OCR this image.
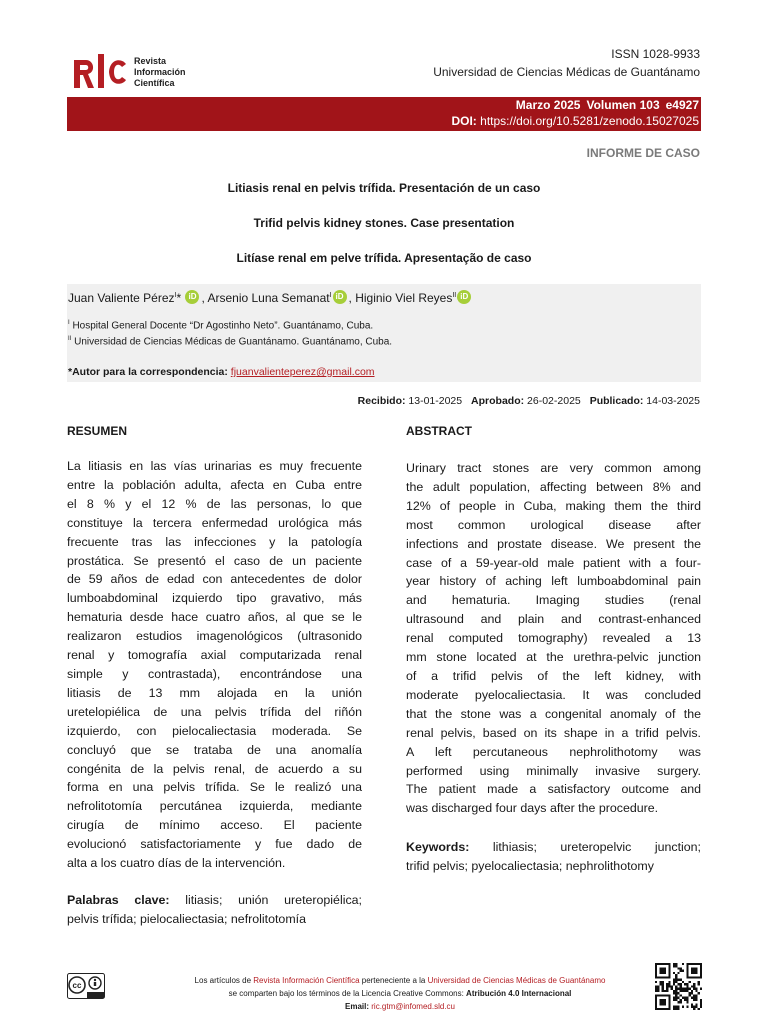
Revista
Información
Científica
ISSN 1028-9933
Universidad de Ciencias Médicas de Guantánamo
Marzo 2025 Volumen 103 e4927
DOI: https://doi.org/10.5281/zenodo.15027025
INFORME DE CASO
Litiasis renal en pelvis trífida. Presentación de un caso
Trifid pelvis kidney stones. Case presentation
Litíase renal em pelve trífida. Apresentação de caso
Juan Valiente Pérez$^I$* iD , Arsenio Luna Semanat$^I$ iD , Higinio Viel Reyes$^{II}$ iD
$^I$ Hospital General Docente “Dr Agostinho Neto”. Guantánamo, Cuba.
$^{II}$ Universidad de Ciencias Médicas de Guantánamo. Guantánamo, Cuba.
*Autor para la correspondencia: fjuanvalienteperez@gmail.com
Recibido: 13-01-2025 Aprobado: 26-02-2025 Publicado: 14-03-2025
RESUMEN
La litiasis en las vías urinarias es muy frecuente
entre la población adulta, afecta en Cuba entre
el 8 % y el 12 % de las personas, lo que
constituye la tercera enfermedad urológica más
frecuente tras las infecciones y la patología
prostática. Se presentó el caso de un paciente
de 59 años de edad con antecedentes de dolor
lumboabdominal izquierdo tipo gravativo, más
hematuria desde hace cuatro años, al que se le
realizaron estudios imagenológicos (ultrasonido
renal y tomografía axial computarizada renal
simple y contrastada), encontrándose una
litiasis de 13 mm alojada en la unión
uretelopiélica de una pelvis trífida del riñón
izquierdo, con pielocaliectasia moderada. Se
concluyó que se trataba de una anomalía
congénita de la pelvis renal, de acuerdo a su
forma en una pelvis trífida. Se le realizó una
nefrolitotomía percutánea izquierda, mediante
cirugía de mínimo acceso. El paciente
evolucionó satisfactoriamente y fue dado de
alta a los cuatro días de la intervención.
Palabras clave: litiasis; unión ureteropiélica;
pelvis trífida; pielocaliectasia; nefrolitotomía
ABSTRACT
Urinary tract stones are very common among
the adult population, affecting between 8% and
12% of people in Cuba, making them the third
most common urological disease after
infections and prostate disease. We present the
case of a 59-year-old male patient with a four-
year history of aching left lumboabdominal pain
and hematuria. Imaging studies (renal
ultrasound and plain and contrast-enhanced
renal computed tomography) revealed a 13
mm stone located at the urethra-pelvic junction
of a trifid pelvis of the left kidney, with
moderate pyelocaliectasia. It was concluded
that the stone was a congenital anomaly of the
renal pelvis, based on its shape in a trifid pelvis.
A left percutaneous nephrolithotomy was
performed using minimally invasive surgery.
The patient made a satisfactory outcome and
was discharged four days after the procedure.
Keywords: lithiasis; ureteropelvic junction;
trifid pelvis; pyelocaliectasia; nephrolithotomy
cc
Los artículos de Revista Información Científica perteneciente a la Universidad de Ciencias Médicas de Guantánamo
se comparten bajo los términos de la Licencia Creative Commons: Atribución 4.0 Internacional
Email: ric.gtm@infomed.sld.cu
